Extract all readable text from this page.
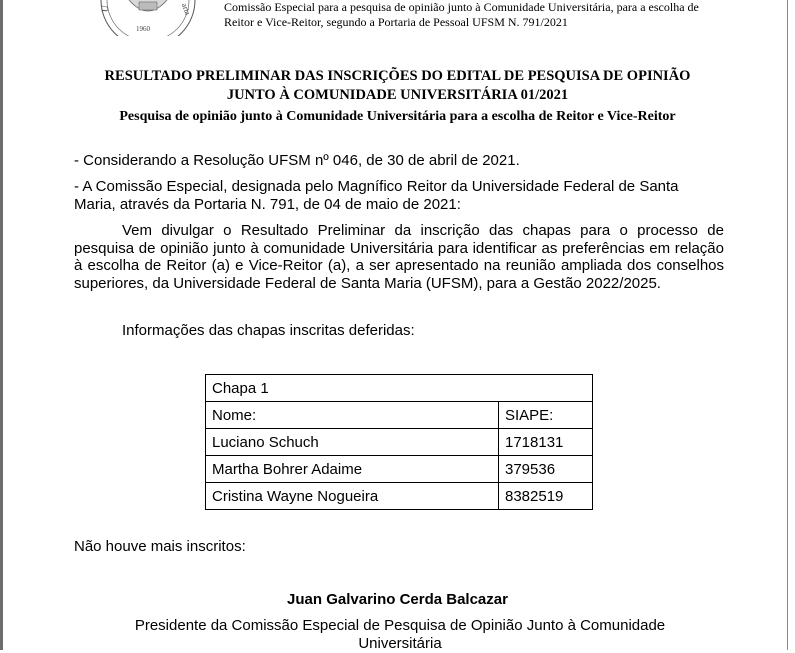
U	aria
1960
Comissão Especial para a pesquisa de opinião junto à Comunidade Universitária, para a escolha de Reitor e Vice-Reitor, segundo a Portaria de Pessoal UFSM N. 791/2021
RESULTADO PRELIMINAR DAS INSCRIÇÕES DO EDITAL DE PESQUISA DE OPINIÃO JUNTO À COMUNIDADE UNIVERSITÁRIA 01/2021
Pesquisa de opinião junto à Comunidade Universitária para a escolha de Reitor e Vice-Reitor
- Considerando a Resolução UFSM nº 046, de 30 de abril de 2021.
- A Comissão Especial, designada pelo Magnífico Reitor da Universidade Federal de Santa Maria, através da Portaria N. 791, de 04 de maio de 2021:
Vem divulgar o Resultado Preliminar da inscrição das chapas para o processo de pesquisa de opinião junto à comunidade Universitária para identificar as preferências em relação à escolha de Reitor (a) e Vice-Reitor (a), a ser apresentado na reunião ampliada dos conselhos superiores, da Universidade Federal de Santa Maria (UFSM), para a Gestão 2022/2025.
Informações das chapas inscritas deferidas:
Chapa 1	
Nome:	SIAPE:
Luciano Schuch	1718131
Martha Bohrer Adaime	379536
Cristina Wayne Nogueira	8382519
Não houve mais inscritos:
Juan Galvarino Cerda Balcazar
Presidente da Comissão Especial de Pesquisa de Opinião Junto à Comunidade Universitária
